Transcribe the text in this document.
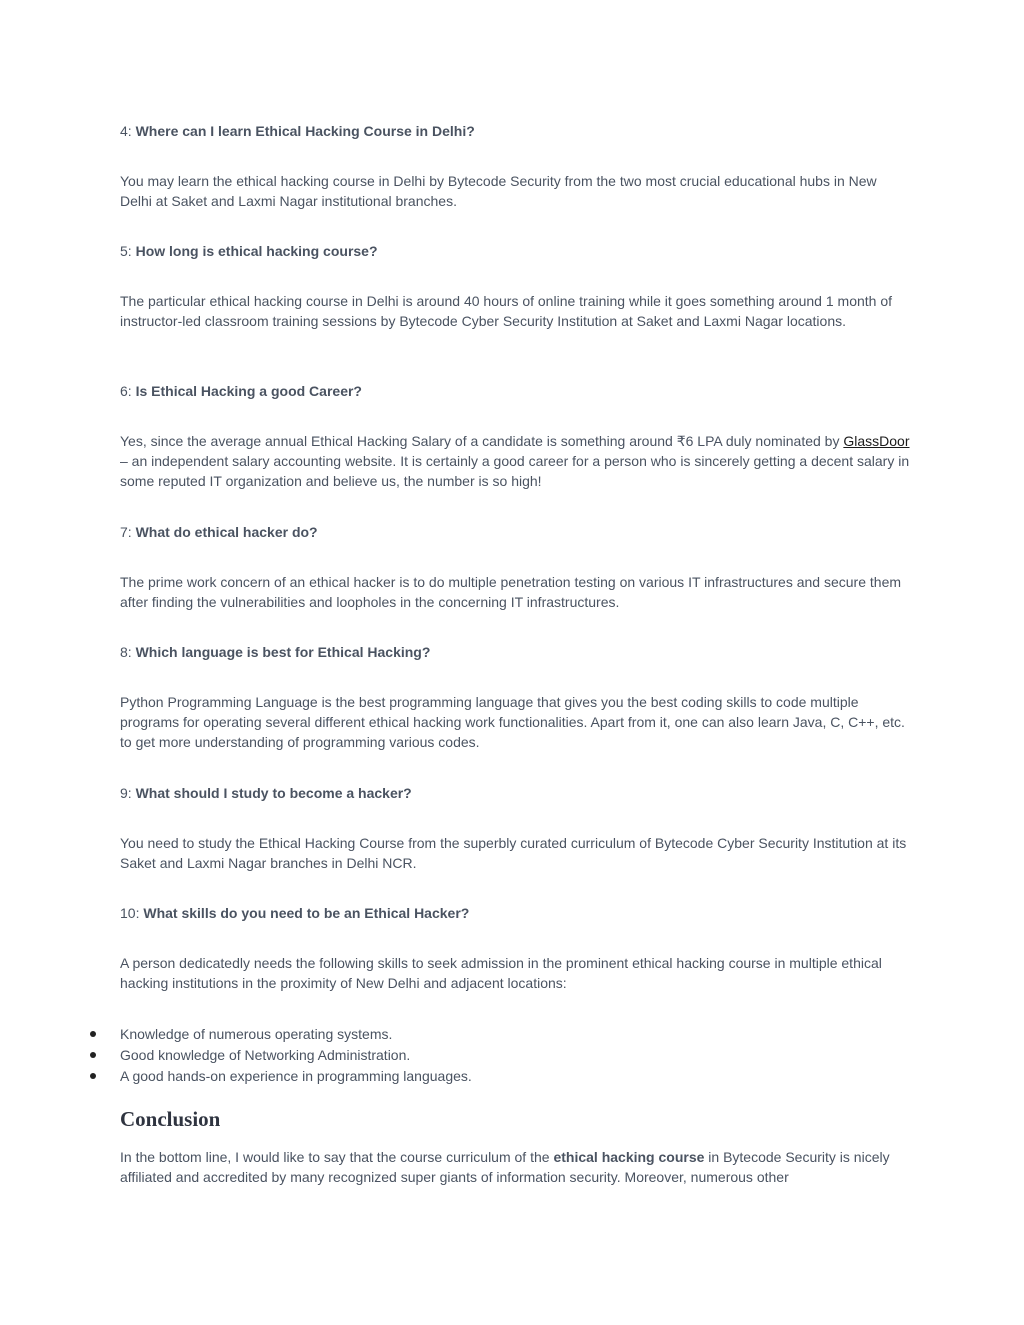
4: Where can I learn Ethical Hacking Course in Delhi?

You may learn the ethical hacking course in Delhi by Bytecode Security from the two most crucial educational hubs in New Delhi at Saket and Laxmi Nagar institutional branches.

5: How long is ethical hacking course?

The particular ethical hacking course in Delhi is around 40 hours of online training while it goes something around 1 month of instructor-led classroom training sessions by Bytecode Cyber Security Institution at Saket and Laxmi Nagar locations.

6: Is Ethical Hacking a good Career?

Yes, since the average annual Ethical Hacking Salary of a candidate is something around ₹6 LPA duly nominated by GlassDoor – an independent salary accounting website. It is certainly a good career for a person who is sincerely getting a decent salary in some reputed IT organization and believe us, the number is so high!

7: What do ethical hacker do?

The prime work concern of an ethical hacker is to do multiple penetration testing on various IT infrastructures and secure them after finding the vulnerabilities and loopholes in the concerning IT infrastructures.

8: Which language is best for Ethical Hacking?

Python Programming Language is the best programming language that gives you the best coding skills to code multiple programs for operating several different ethical hacking work functionalities. Apart from it, one can also learn Java, C, C++, etc. to get more understanding of programming various codes.

9: What should I study to become a hacker?

You need to study the Ethical Hacking Course from the superbly curated curriculum of Bytecode Cyber Security Institution at its Saket and Laxmi Nagar branches in Delhi NCR.

10: What skills do you need to be an Ethical Hacker?

A person dedicatedly needs the following skills to seek admission in the prominent ethical hacking course in multiple ethical hacking institutions in the proximity of New Delhi and adjacent locations:

Knowledge of numerous operating systems.
Good knowledge of Networking Administration.
A good hands-on experience in programming languages.
Conclusion

In the bottom line, I would like to say that the course curriculum of the ethical hacking course in Bytecode Security is nicely affiliated and accredited by many recognized super giants of information security. Moreover, numerous other
